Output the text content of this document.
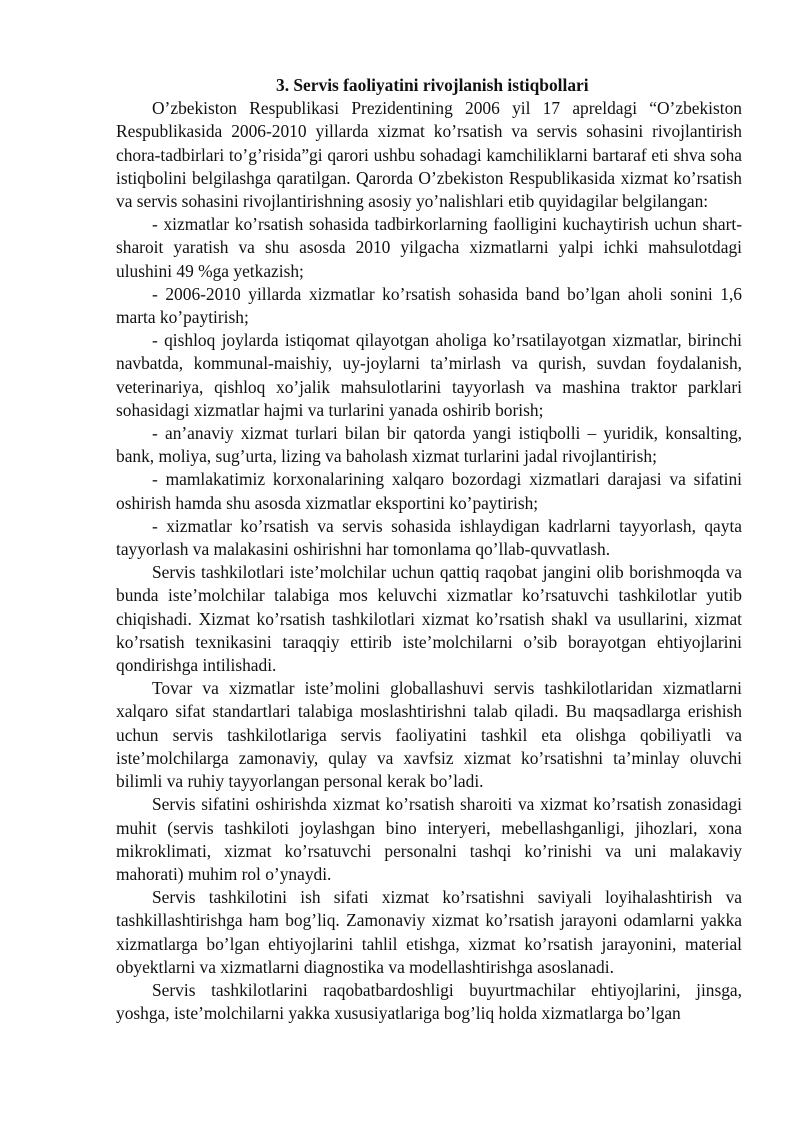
3. Servis faoliyatini rivojlanish istiqbollari

O’zbekiston Respublikasi Prezidentining 2006 yil 17 apreldagi “O’zbekiston Respublikasida 2006-2010 yillarda xizmat ko’rsatish va servis sohasini rivojlantirish chora-tadbirlari to’g’risida”gi qarori ushbu sohadagi kamchiliklarni bartaraf eti shva soha istiqbolini belgilashga qaratilgan. Qarorda O’zbekiston Respublikasida xizmat ko’rsatish va servis sohasini rivojlantirishning asosiy yo’nalishlari etib quyidagilar belgilangan:

- xizmatlar ko’rsatish sohasida tadbirkorlarning faolligini kuchaytirish uchun shart-sharoit yaratish va shu asosda 2010 yilgacha xizmatlarni yalpi ichki mahsulotdagi ulushini 49 %ga yetkazish;

- 2006-2010 yillarda xizmatlar ko’rsatish sohasida band bo’lgan aholi sonini 1,6 marta ko’paytirish;

- qishloq joylarda istiqomat qilayotgan aholiga ko’rsatilayotgan xizmatlar, birinchi navbatda, kommunal-maishiy, uy-joylarni ta’mirlash va qurish, suvdan foydalanish, veterinariya, qishloq xo’jalik mahsulotlarini tayyorlash va mashina traktor parklari sohasidagi xizmatlar hajmi va turlarini yanada oshirib borish;

- an’anaviy xizmat turlari bilan bir qatorda yangi istiqbolli – yuridik, konsalting, bank, moliya, sug’urta, lizing va baholash xizmat turlarini jadal rivojlantirish;

- mamlakatimiz korxonalarining xalqaro bozordagi xizmatlari darajasi va sifatini oshirish hamda shu asosda xizmatlar eksportini ko’paytirish;

- xizmatlar ko’rsatish va servis sohasida ishlaydigan kadrlarni tayyorlash, qayta tayyorlash va malakasini oshirishni har tomonlama qo’llab-quvvatlash.

Servis tashkilotlari iste’molchilar uchun qattiq raqobat jangini olib borishmoqda va bunda iste’molchilar talabiga mos keluvchi xizmatlar ko’rsatuvchi tashkilotlar yutib chiqishadi. Xizmat ko’rsatish tashkilotlari xizmat ko’rsatish shakl va usullarini, xizmat ko’rsatish texnikasini taraqqiy ettirib iste’molchilarni o’sib borayotgan ehtiyojlarini qondirishga intilishadi.

Tovar va xizmatlar iste’molini globallashuvi servis tashkilotlaridan xizmatlarni xalqaro sifat standartlari talabiga moslashtirishni talab qiladi. Bu maqsadlarga erishish uchun servis tashkilotlariga servis faoliyatini tashkil eta olishga qobiliyatli va iste’molchilarga zamonaviy, qulay va xavfsiz xizmat ko’rsatishni ta’minlay oluvchi bilimli va ruhiy tayyorlangan personal kerak bo’ladi.

Servis sifatini oshirishda xizmat ko’rsatish sharoiti va xizmat ko’rsatish zonasidagi muhit (servis tashkiloti joylashgan bino interyeri, mebellashganligi, jihozlari, xona mikroklimati, xizmat ko’rsatuvchi personalni tashqi ko’rinishi va uni malakaviy mahorati) muhim rol o’ynaydi.

Servis tashkilotini ish sifati xizmat ko’rsatishni saviyali loyihalashtirish va tashkillashtirishga ham bog’liq. Zamonaviy xizmat ko’rsatish jarayoni odamlarni yakka xizmatlarga bo’lgan ehtiyojlarini tahlil etishga, xizmat ko’rsatish jarayonini, material obyektlarni va xizmatlarni diagnostika va modellashtirishga asoslanadi.

Servis tashkilotlarini raqobatbardoshligi buyurtmachilar ehtiyojlarini, jinsga, yoshga, iste’molchilarni yakka xususiyatlariga bog’liq holda xizmatlarga bo’lgan
